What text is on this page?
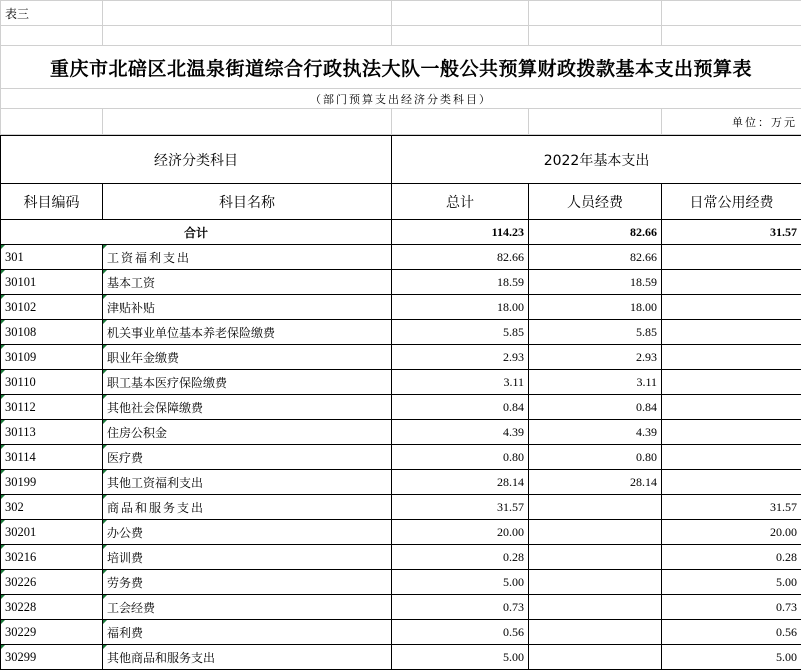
表三				

重庆市北碚区北温泉街道综合行政执法大队一般公共预算财政拨款基本支出预算表				
（部门预算支出经济分类科目）				
				单位：万元
经济分类科目		2022年基本支出		
科目编码	科目名称	总计	人员经费	日常公用经费
合计		114.23	82.66	31.57
301	工资福利支出	82.66	82.66	
30101	基本工资	18.59	18.59	
30102	津贴补贴	18.00	18.00	
30108	机关事业单位基本养老保险缴费	5.85	5.85	
30109	职业年金缴费	2.93	2.93	
30110	职工基本医疗保险缴费	3.11	3.11	
30112	其他社会保障缴费	0.84	0.84	
30113	住房公积金	4.39	4.39	
30114	医疗费	0.80	0.80	
30199	其他工资福利支出	28.14	28.14	
302	商品和服务支出	31.57		31.57
30201	办公费	20.00		20.00
30216	培训费	0.28		0.28
30226	劳务费	5.00		5.00
30228	工会经费	0.73		0.73
30229	福利费	0.56		0.56
30299	其他商品和服务支出	5.00		5.00
